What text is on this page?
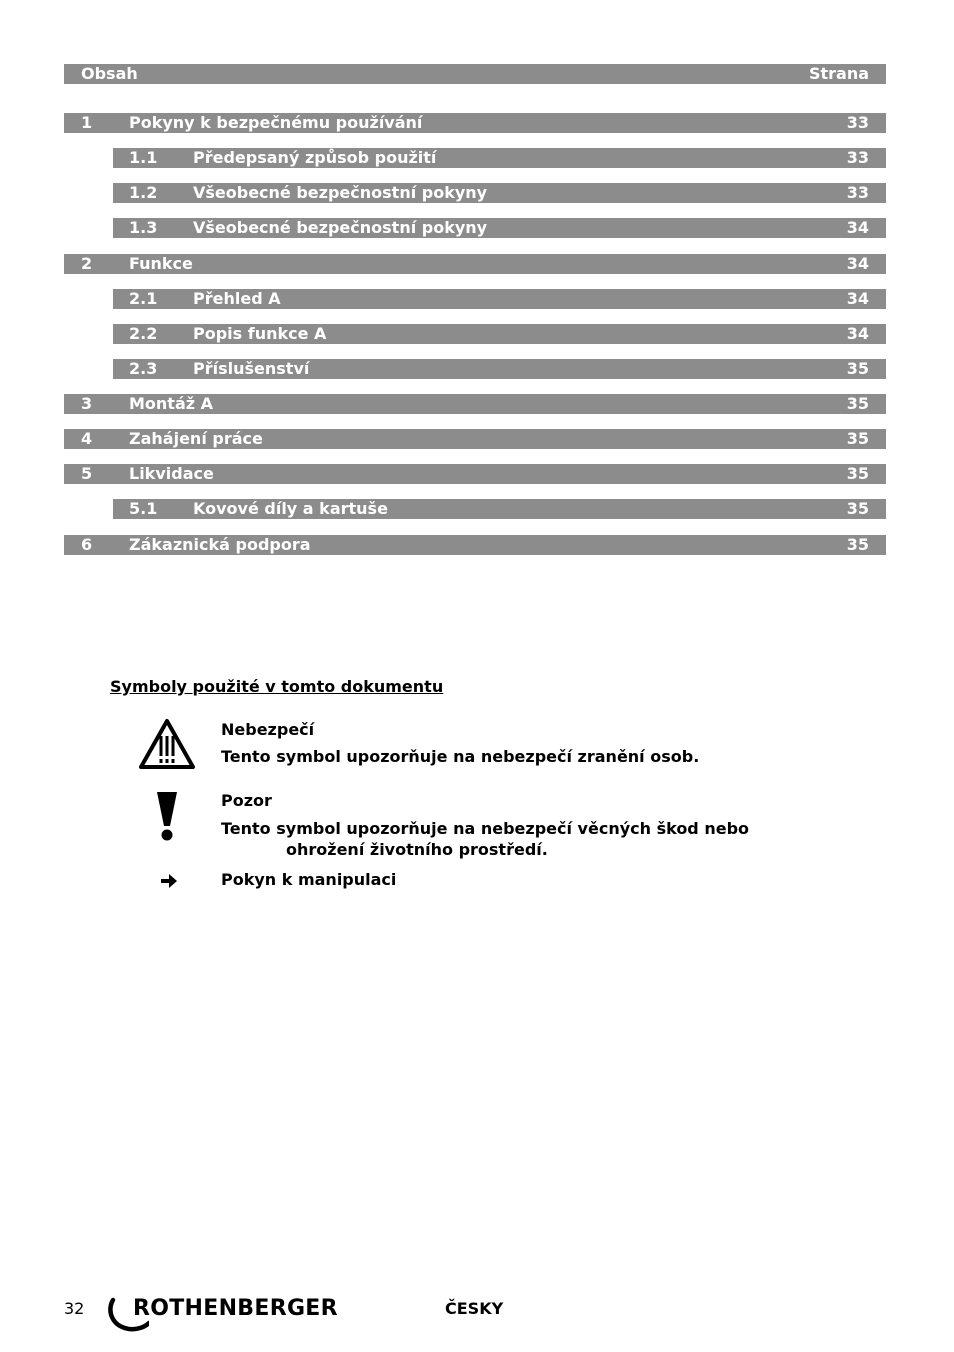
Obsah	Strana
1 Pokyny k bezpečnému používání	33
1.1 Předepsaný způsob použití	33
1.2 Všeobecné bezpečnostní pokyny	33
1.3 Všeobecné bezpečnostní pokyny	34
2 Funkce	34
2.1 Přehled A	34
2.2 Popis funkce A	34
2.3 Příslušenství	35
3 Montáž A	35
4 Zahájení práce	35
5 Likvidace	35
5.1 Kovové díly a kartuše	35
6 Zákaznická podpora	35
Symboly použité v tomto dokumentu
Nebezpečí
Tento symbol upozorňuje na nebezpečí zranění osob.
Pozor
Tento symbol upozorňuje na nebezpečí věcných škod nebo
ohrožení životního prostředí.
Pokyn k manipulaci
32 ROTHENBERGER	ČESKY
